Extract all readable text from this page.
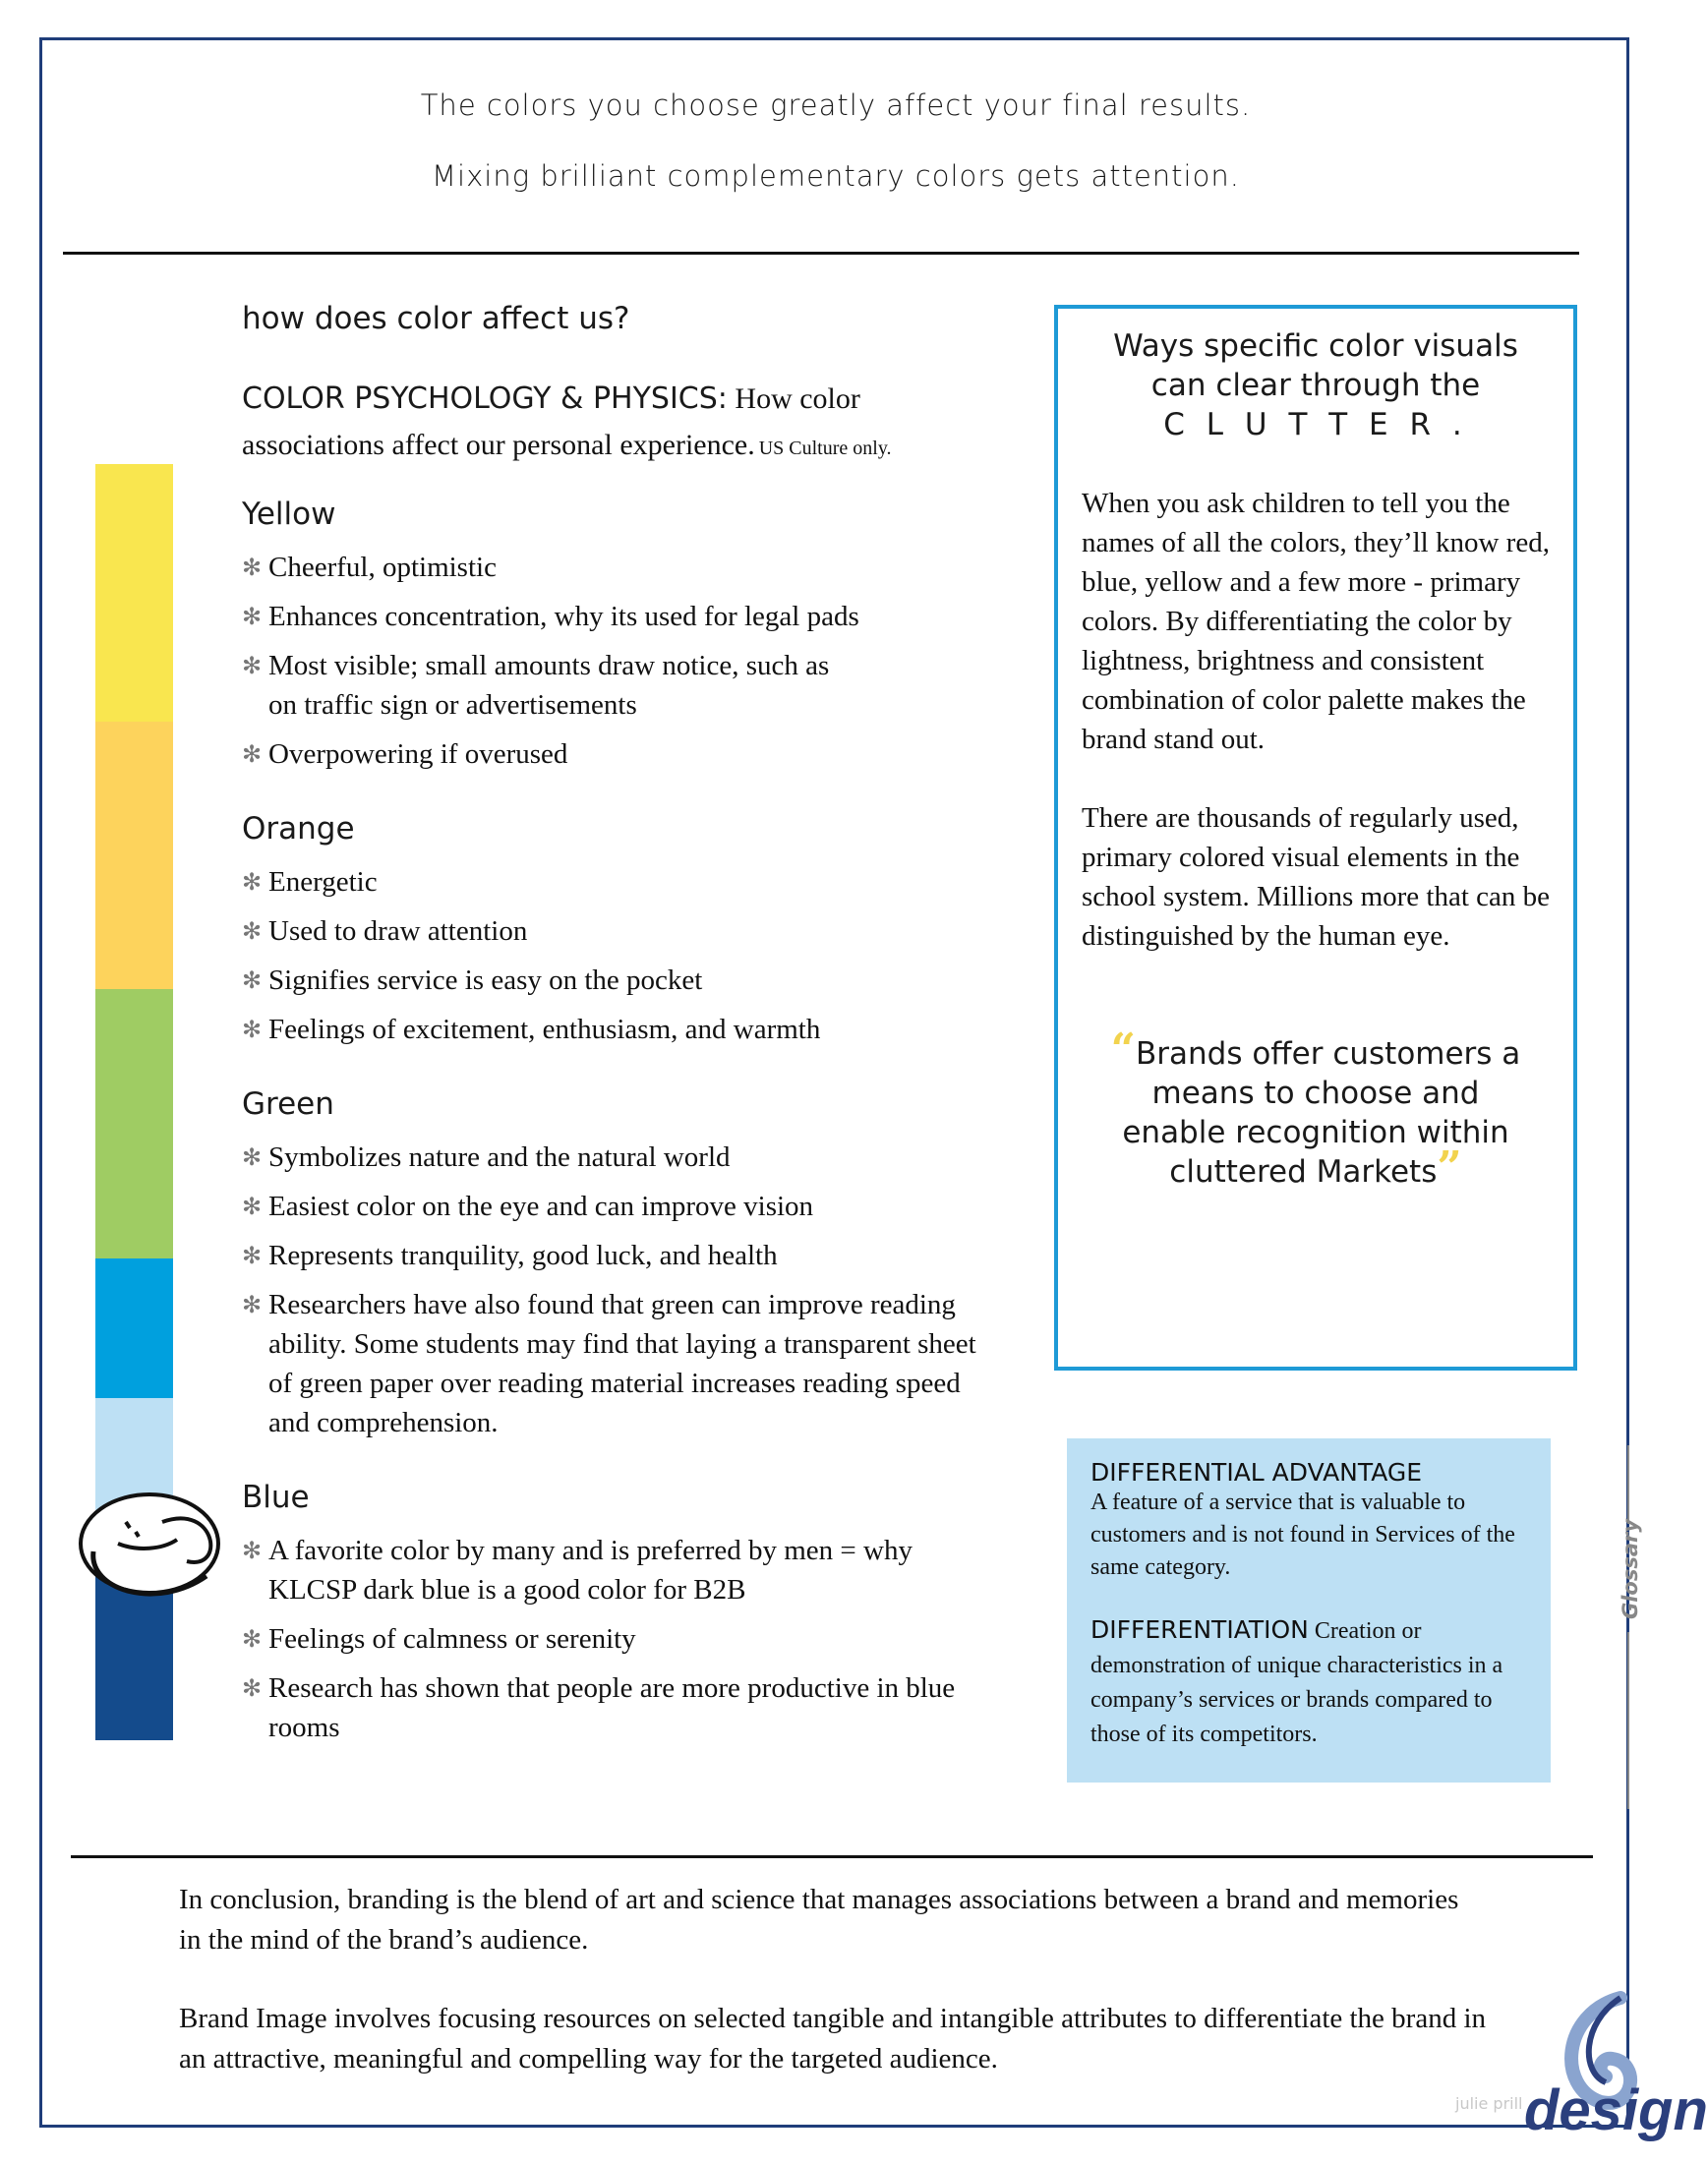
The colors you choose greatly affect your final results.
Mixing brilliant complementary colors gets attention.
how does color affect us?
COLOR PSYCHOLOGY & PHYSICS: How color
associations affect our personal experience. US Culture only.
Yellow
✻ Cheerful, optimistic
✻ Enhances concentration, why its used for legal pads
✻ Most visible; small amounts draw notice, such as on traffic sign or advertisements
✻ Overpowering if overused
Orange
✻ Energetic
✻ Used to draw attention
✻ Signifies service is easy on the pocket
✻ Feelings of excitement, enthusiasm, and warmth
Green
✻ Symbolizes nature and the natural world
✻ Easiest color on the eye and can improve vision
✻ Represents tranquility, good luck, and health
✻ Researchers have also found that green can improve reading ability. Some students may find that laying a transparent sheet of green paper over reading material increases reading speed and comprehension.
Blue
✻ A favorite color by many and is preferred by men = why KLCSP dark blue is a good color for B2B
✻ Feelings of calmness or serenity
✻ Research has shown that people are more productive in blue rooms
Ways specific color visuals
can clear through the
C L U T T E R .
When you ask children to tell you the names of all the colors, they’ll know red, blue, yellow and a few more - primary colors. By differentiating the color by lightness, brightness and consistent combination of color palette makes the brand stand out.
There are thousands of regularly used, primary colored visual elements in the school system. Millions more that can be distinguished by the human eye.
“Brands offer customers a means to choose and enable recognition within cluttered Markets”
DIFFERENTIAL ADVANTAGE
A feature of a service that is valuable to customers and is not found in Services of the same category.
DIFFERENTIATION Creation or demonstration of unique characteristics in a company’s services or brands compared to those of its competitors.
Glossary
In conclusion, branding is the blend of art and science that manages associations between a brand and memories in the mind of the brand’s audience.
Brand Image involves focusing resources on selected tangible and intangible attributes to differentiate the brand in an attractive, meaningful and compelling way for the targeted audience.
julie prill design
